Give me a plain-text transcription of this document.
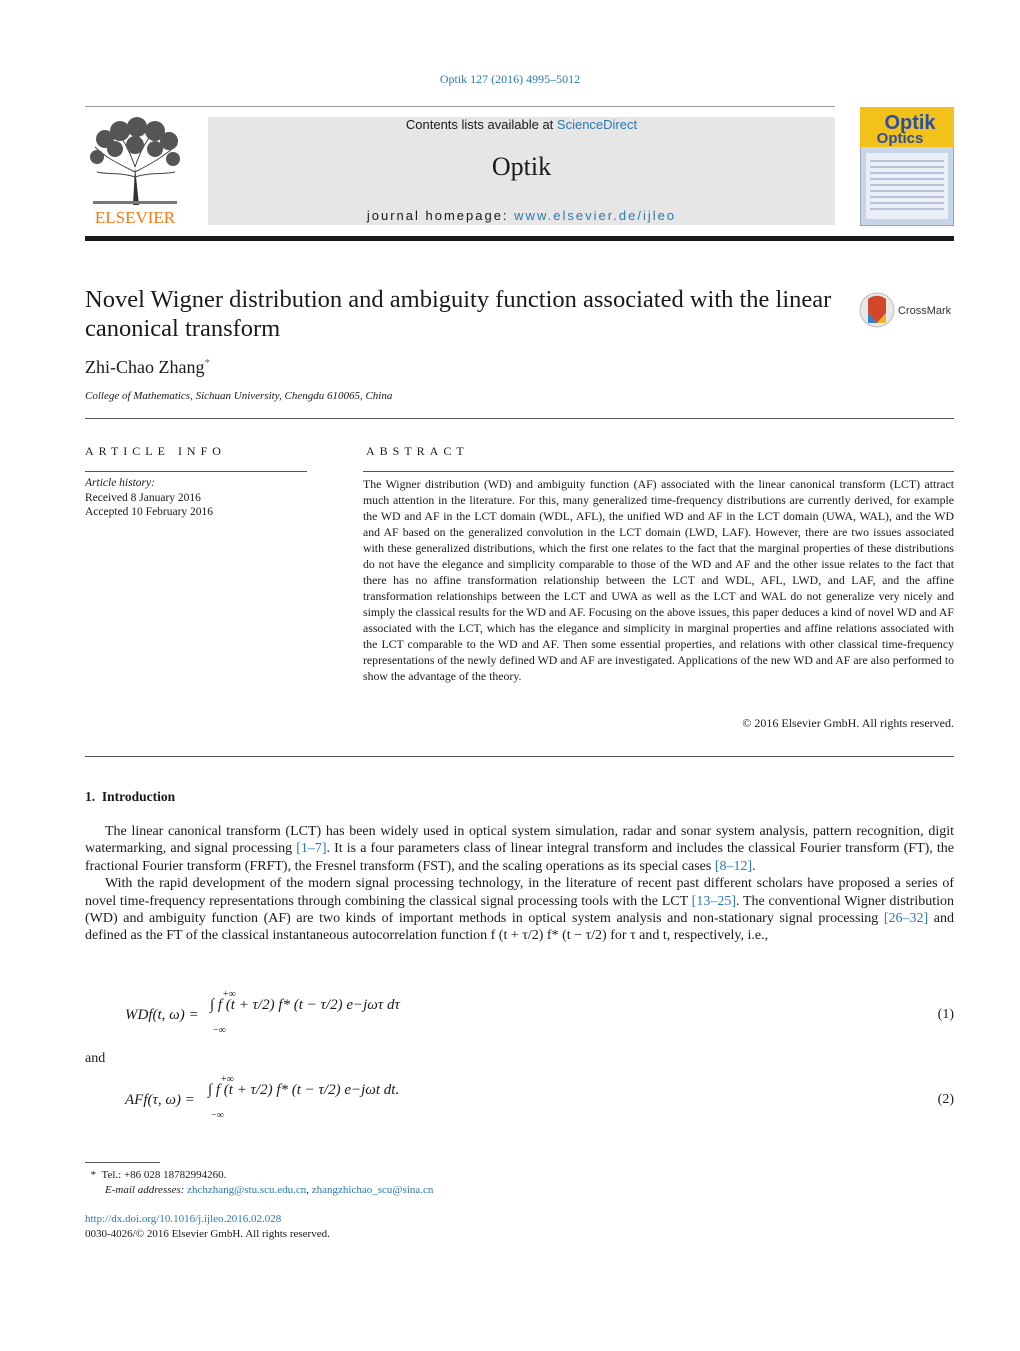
Optik 127 (2016) 4995–5012
ELSEVIER
Contents lists available at ScienceDirect
Optik
journal homepage: www.elsevier.de/ijleo
Optik
Optics
Novel Wigner distribution and ambiguity function associated with the linear canonical transform
CrossMark
Zhi-Chao Zhang*
College of Mathematics, Sichuan University, Chengdu 610065, China
ARTICLE INFO
Article history:
Received 8 January 2016
Accepted 10 February 2016
ABSTRACT
The Wigner distribution (WD) and ambiguity function (AF) associated with the linear canonical transform (LCT) attract much attention in the literature. For this, many generalized time-frequency distributions are currently derived, for example the WD and AF in the LCT domain (WDL, AFL), the unified WD and AF in the LCT domain (UWA, WAL), and the WD and AF based on the generalized convolution in the LCT domain (LWD, LAF). However, there are two issues associated with these generalized distributions, which the first one relates to the fact that the marginal properties of these distributions do not have the elegance and simplicity comparable to those of the WD and AF and the other issue relates to the fact that there has no affine transformation relationship between the LCT and WDL, AFL, LWD, and LAF, and the affine transformation relationships between the LCT and UWA as well as the LCT and WAL do not generalize very nicely and simply the classical results for the WD and AF. Focusing on the above issues, this paper deduces a kind of novel WD and AF associated with the LCT, which has the elegance and simplicity in marginal properties and affine relations associated with the LCT comparable to the WD and AF. Then some essential properties, and relations with other classical time-frequency representations of the newly defined WD and AF are investigated. Applications of the new WD and AF are also performed to show the advantage of the theory.
© 2016 Elsevier GmbH. All rights reserved.
1. Introduction

The linear canonical transform (LCT) has been widely used in optical system simulation, radar and sonar system analysis, pattern recognition, digit watermarking, and signal processing [1–7]. It is a four parameters class of linear integral transform and includes the classical Fourier transform (FT), the fractional Fourier transform (FRFT), the Fresnel transform (FST), and the scaling operations as its special cases [8–12].

With the rapid development of the modern signal processing technology, in the literature of recent past different scholars have proposed a series of novel time-frequency representations through combining the classical signal processing tools with the LCT [13–25]. The conventional Wigner distribution (WD) and ambiguity function (AF) are two kinds of important methods in optical system analysis and non-stationary signal processing [26–32] and defined as the FT of the classical instantaneous autocorrelation function f (t + τ/2) f* (t − τ/2) for τ and t, respectively, i.e.,

WDf(t, ω) =
+∞
−∞
∫ f (t + τ/2) f* (t − τ/2) e−jωτ dτ
(1)
and
AFf(τ, ω) =
+∞
−∞
∫ f (t + τ/2) f* (t − τ/2) e−jωt dt.
(2)
*  Tel.: +86 028 18782994260.
E-mail addresses: zhchzhang@stu.scu.edu.cn, zhangzhichao_scu@sina.cn
http://dx.doi.org/10.1016/j.ijleo.2016.02.028
0030-4026/© 2016 Elsevier GmbH. All rights reserved.
